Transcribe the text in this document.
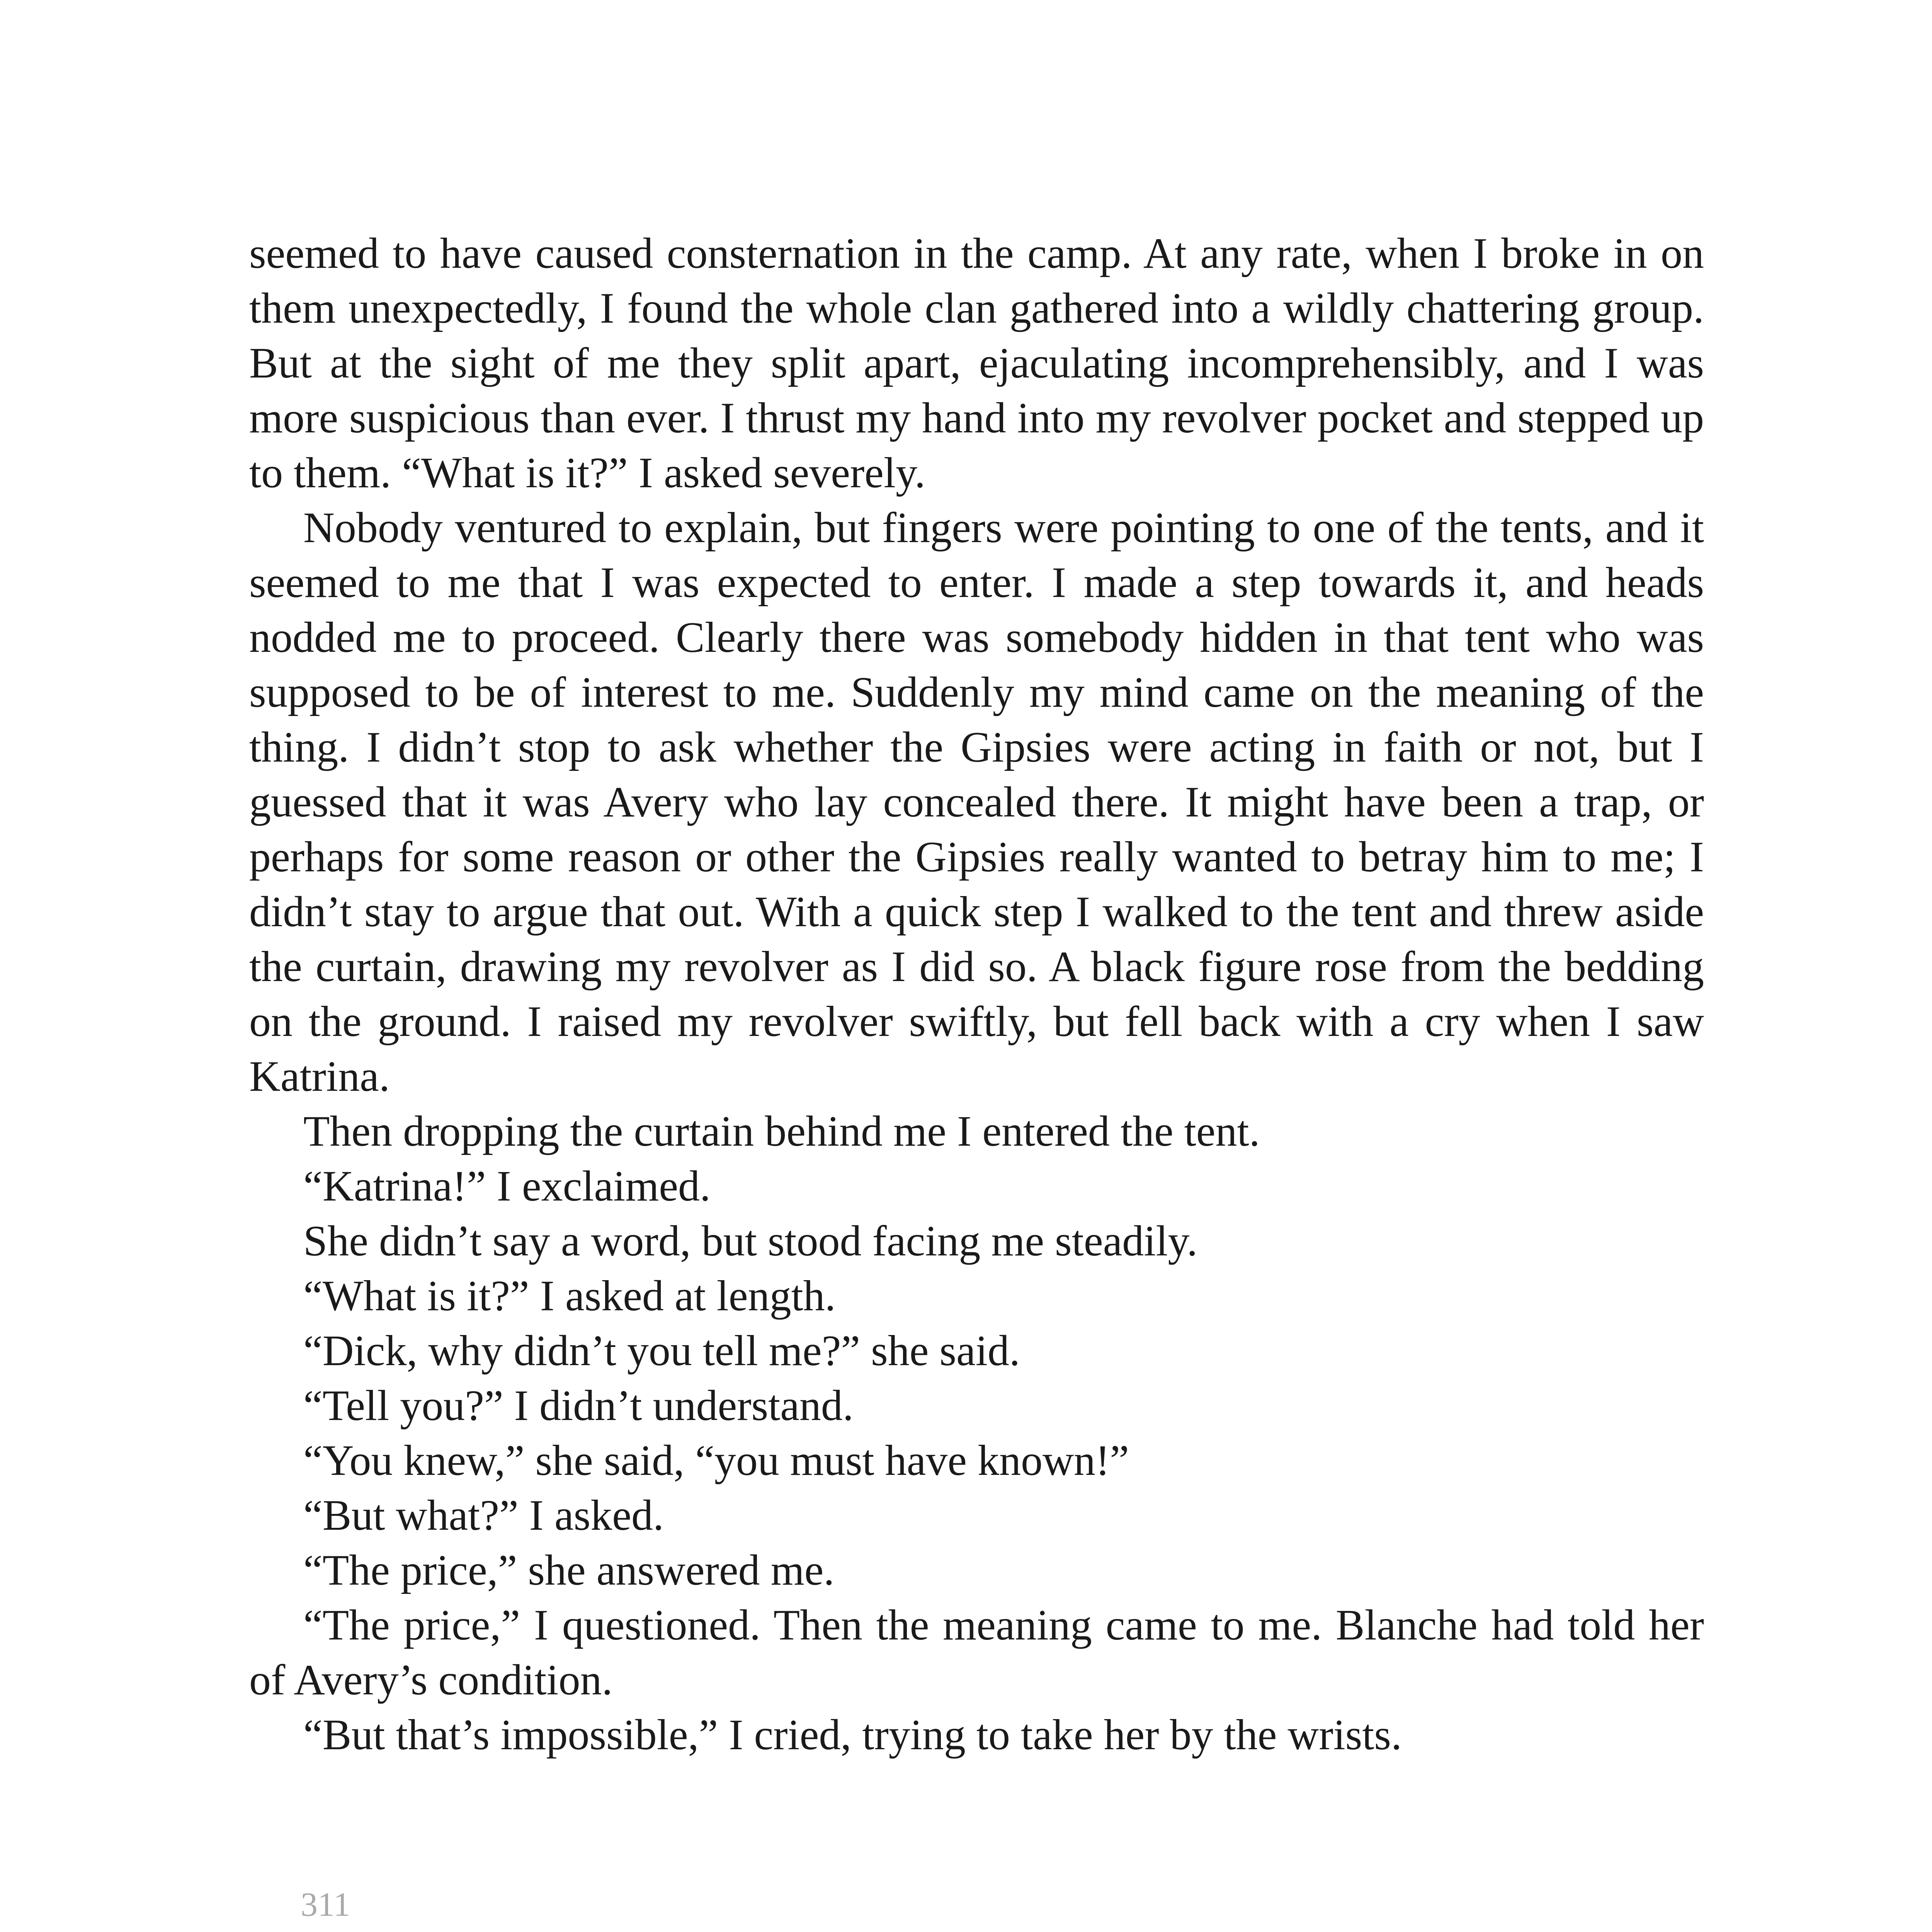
seemed to have caused consternation in the camp. At any rate, when I broke in on them unexpectedly, I found the whole clan gathered into a wildly chattering group. But at the sight of me they split apart, ejaculating incomprehensibly, and I was more suspicious than ever. I thrust my hand into my revolver pocket and stepped up to them. “What is it?” I asked severely.

Nobody ventured to explain, but fingers were pointing to one of the tents, and it seemed to me that I was expected to enter. I made a step towards it, and heads nodded me to proceed. Clearly there was somebody hidden in that tent who was supposed to be of interest to me. Suddenly my mind came on the meaning of the thing. I didn’t stop to ask whether the Gipsies were acting in faith or not, but I guessed that it was Avery who lay concealed there. It might have been a trap, or perhaps for some reason or other the Gipsies really wanted to betray him to me; I didn’t stay to argue that out. With a quick step I walked to the tent and threw aside the curtain, drawing my revolver as I did so. A black figure rose from the bedding on the ground. I raised my revolver swiftly, but fell back with a cry when I saw Katrina.

Then dropping the curtain behind me I entered the tent.

“Katrina!” I exclaimed.

She didn’t say a word, but stood facing me steadily.

“What is it?” I asked at length.

“Dick, why didn’t you tell me?” she said.

“Tell you?” I didn’t understand.

“You knew,” she said, “you must have known!”

“But what?” I asked.

“The price,” she answered me.

“The price,” I questioned. Then the meaning came to me. Blanche had told her of Avery’s condition.

“But that’s impossible,” I cried, trying to take her by the wrists.

311
